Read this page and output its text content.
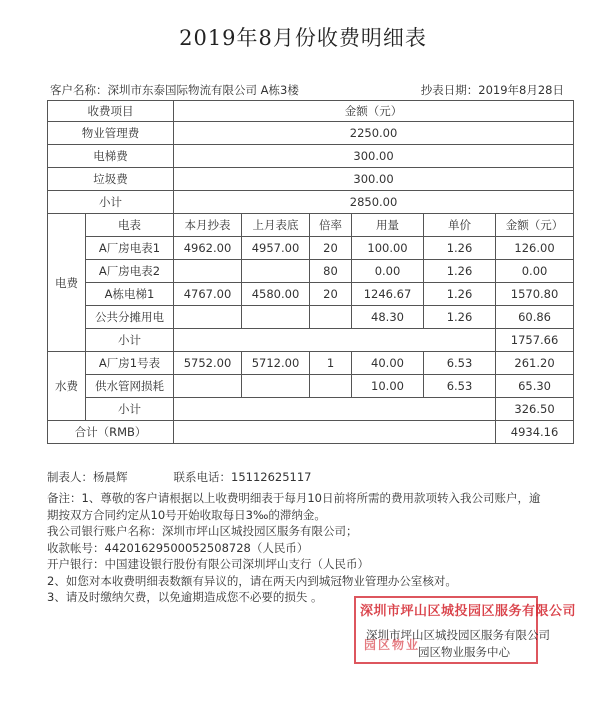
2019年8月份收费明细表
客户名称：深圳市东泰国际物流有限公司 A栋3楼	抄表日期：2019年8月28日
收费项目		金额（元）					
物业管理费		2250.00					
电梯费		300.00					
垃圾费		300.00					
小计		2850.00					
电费	电表	本月抄表	上月表底	倍率	用量	单价	金额（元）
	A厂房电表1	4962.00	4957.00	20	100.00	1.26	126.00
	A厂房电表2			80	0.00	1.26	0.00
	A栋电梯1	4767.00	4580.00	20	1246.67	1.26	1570.80
	公共分摊用电				48.30	1.26	60.86
	小计						1757.66
水费	A厂房1号表	5752.00	5712.00	1	40.00	6.53	261.20
	供水管网损耗				10.00	6.53	65.30
	小计						326.50
合计（RMB）							4934.16
制表人：杨晨辉	联系电话：15112625117

备注：1、尊敬的客户请根据以上收费明细表于每月10日前将所需的费用款项转入我公司账户，逾

期按双方合同约定从10号开始收取每日3‰的滞纳金。

我公司银行账户名称：深圳市坪山区城投园区服务有限公司；

收款帐号：44201629500052508728（人民币）

开户银行：中国建设银行股份有限公司深圳坪山支行（人民币）

2、如您对本收费明细表数额有异议的，请在两天内到城冠物业管理办公室核对。

3、请及时缴纳欠费，以免逾期造成您不必要的损失 。

深圳市坪山区城投园区服务有限公司
园区物业
深圳市坪山区城投园区服务有限公司
园区物业服务中心
